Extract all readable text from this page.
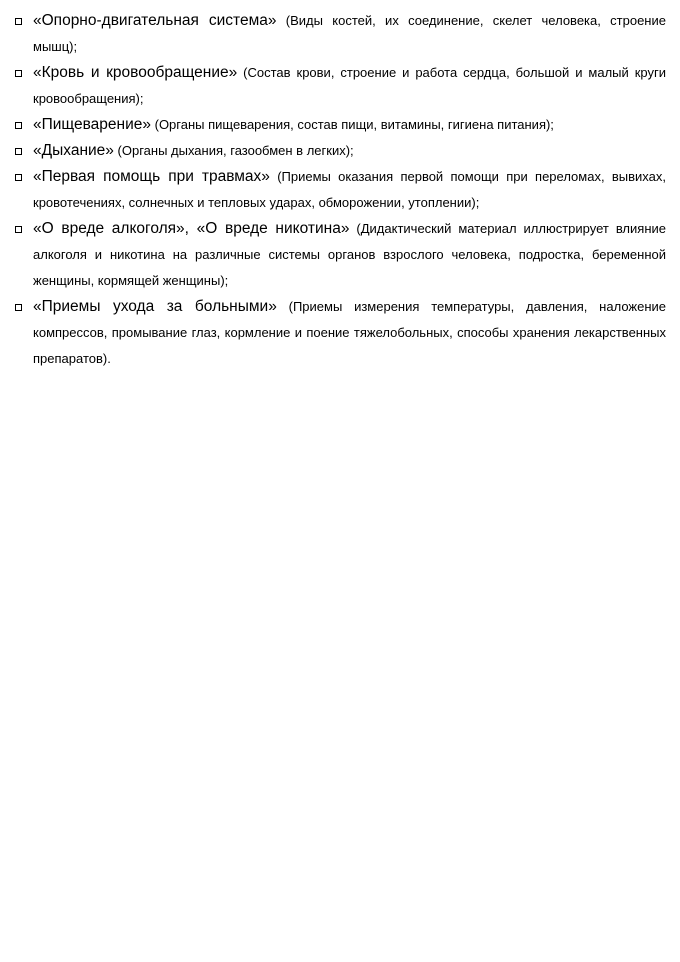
«Опорно-двигательная система» (Виды костей, их соединение, скелет человека, строение мышц);
«Кровь и кровообращение» (Состав крови, строение и работа сердца, большой и малый круги кровообращения);
«Пищеварение» (Органы пищеварения, состав пищи, витамины, гигиена питания);
«Дыхание» (Органы дыхания, газообмен в легких);
«Первая помощь при травмах» (Приемы оказания первой помощи при переломах, вывихах, кровотечениях, солнечных и тепловых ударах, обморожении, утоплении);
«О вреде алкоголя», «О вреде никотина» (Дидактический материал иллюстрирует влияние алкоголя и никотина на различные системы органов взрослого человека, подростка, беременной женщины, кормящей женщины);
«Приемы ухода за больными» (Приемы измерения температуры, давления, наложение компрессов, промывание глаз, кормление и поение тяжелобольных, способы хранения лекарственных препаратов).
